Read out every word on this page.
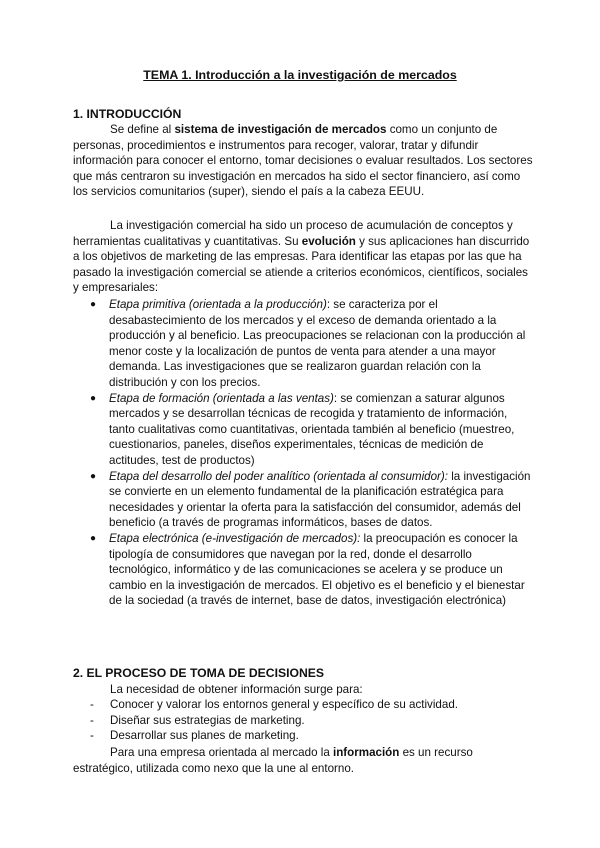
TEMA 1. Introducción a la investigación de mercados
1. INTRODUCCIÓN
Se define al sistema de investigación de mercados como un conjunto de personas, procedimientos e instrumentos para recoger, valorar, tratar y difundir información para conocer el entorno, tomar decisiones o evaluar resultados. Los sectores que más centraron su investigación en mercados ha sido el sector financiero, así como los servicios comunitarios (super), siendo el país a la cabeza EEUU.
La investigación comercial ha sido un proceso de acumulación de conceptos y herramientas cualitativas y cuantitativas. Su evolución y sus aplicaciones han discurrido a los objetivos de marketing de las empresas. Para identificar las etapas por las que ha pasado la investigación comercial se atiende a criterios económicos, científicos, sociales y empresariales:
● Etapa primitiva (orientada a la producción): se caracteriza por el desabastecimiento de los mercados y el exceso de demanda orientado a la producción y al beneficio. Las preocupaciones se relacionan con la producción al menor coste y la localización de puntos de venta para atender a una mayor demanda. Las investigaciones que se realizaron guardan relación con la distribución y con los precios.
● Etapa de formación (orientada a las ventas): se comienzan a saturar algunos mercados y se desarrollan técnicas de recogida y tratamiento de información, tanto cualitativas como cuantitativas, orientada también al beneficio (muestreo, cuestionarios, paneles, diseños experimentales, técnicas de medición de actitudes, test de productos)
● Etapa del desarrollo del poder analítico (orientada al consumidor): la investigación se convierte en un elemento fundamental de la planificación estratégica para necesidades y orientar la oferta para la satisfacción del consumidor, además del beneficio (a través de programas informáticos, bases de datos.
● Etapa electrónica (e-investigación de mercados): la preocupación es conocer la tipología de consumidores que navegan por la red, donde el desarrollo tecnológico, informático y de las comunicaciones se acelera y se produce un cambio en la investigación de mercados. El objetivo es el beneficio y el bienestar de la sociedad (a través de internet, base de datos, investigación electrónica)
2. EL PROCESO DE TOMA DE DECISIONES
La necesidad de obtener información surge para:
- Conocer y valorar los entornos general y específico de su actividad.
- Diseñar sus estrategias de marketing.
- Desarrollar sus planes de marketing.
Para una empresa orientada al mercado la información es un recurso estratégico, utilizada como nexo que la une al entorno.
